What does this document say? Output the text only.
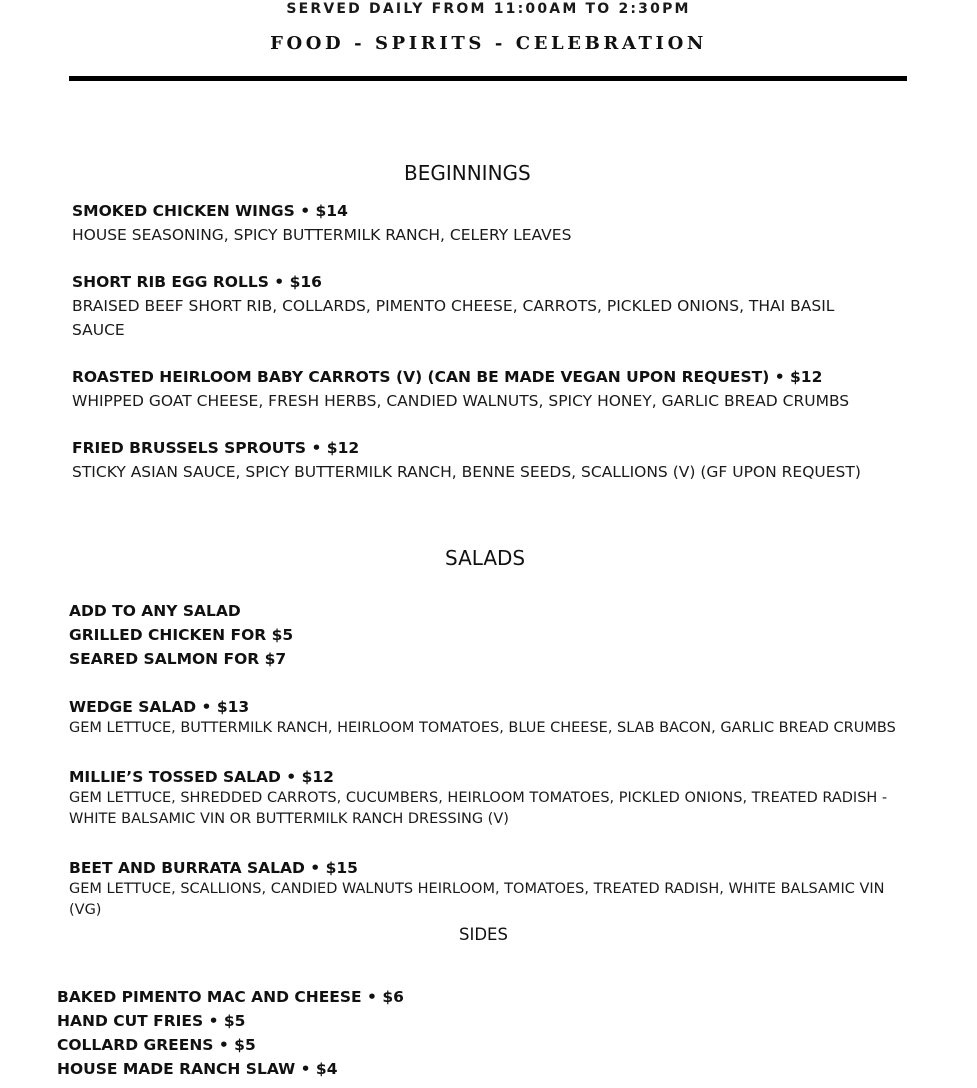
SERVED DAILY FROM 11:00AM TO 2:30PM
FOOD - SPIRITS - CELEBRATION
BEGINNINGS
SMOKED CHICKEN WINGS • $14
HOUSE SEASONING, SPICY BUTTERMILK RANCH, CELERY LEAVES
SHORT RIB EGG ROLLS • $16
BRAISED BEEF SHORT RIB, COLLARDS, PIMENTO CHEESE, CARROTS, PICKLED ONIONS, THAI BASIL
SAUCE
ROASTED HEIRLOOM BABY CARROTS (V) (CAN BE MADE VEGAN UPON REQUEST) • $12
WHIPPED GOAT CHEESE, FRESH HERBS, CANDIED WALNUTS, SPICY HONEY, GARLIC BREAD CRUMBS
FRIED BRUSSELS SPROUTS • $12
STICKY ASIAN SAUCE, SPICY BUTTERMILK RANCH, BENNE SEEDS, SCALLIONS (V) (GF UPON REQUEST)
SALADS
ADD TO ANY SALAD
GRILLED CHICKEN FOR $5
SEARED SALMON FOR $7
WEDGE SALAD • $13
GEM LETTUCE, BUTTERMILK RANCH, HEIRLOOM TOMATOES, BLUE CHEESE, SLAB BACON, GARLIC BREAD CRUMBS
MILLIE’S TOSSED SALAD • $12
GEM LETTUCE, SHREDDED CARROTS, CUCUMBERS, HEIRLOOM TOMATOES, PICKLED ONIONS, TREATED RADISH -
WHITE BALSAMIC VIN OR BUTTERMILK RANCH DRESSING (V)
BEET AND BURRATA SALAD • $15
GEM LETTUCE, SCALLIONS, CANDIED WALNUTS HEIRLOOM, TOMATOES, TREATED RADISH, WHITE BALSAMIC VIN
(VG)
SIDES
BAKED PIMENTO MAC AND CHEESE • $6
HAND CUT FRIES • $5
COLLARD GREENS • $5
HOUSE MADE RANCH SLAW • $4
